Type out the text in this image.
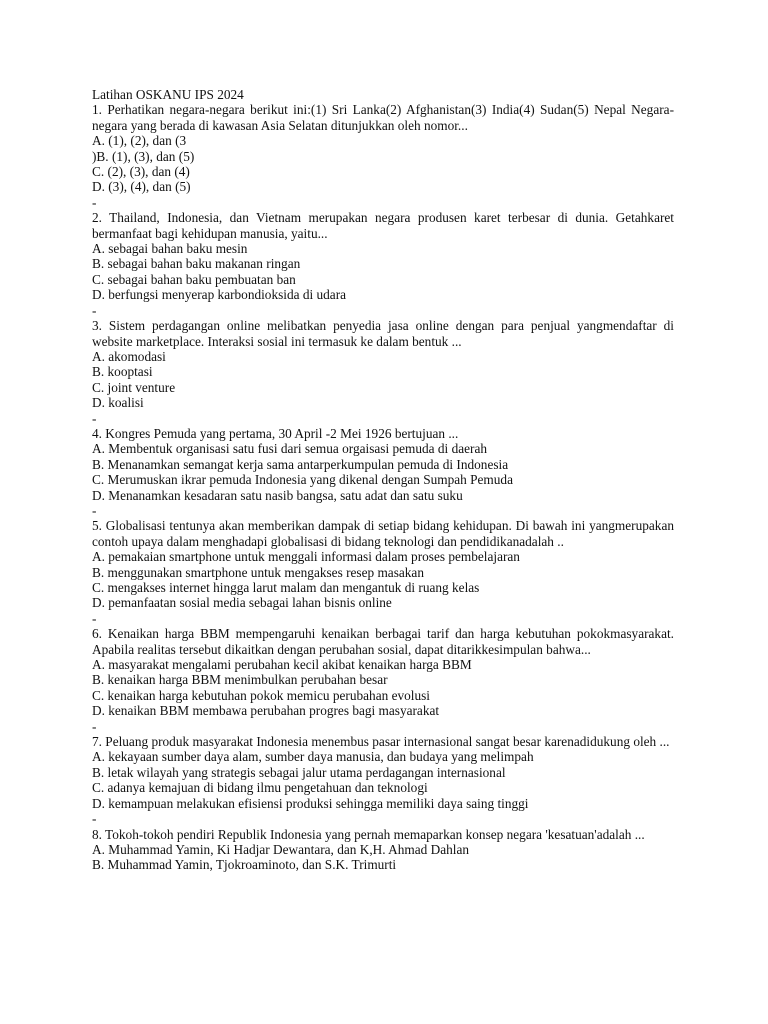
Latihan OSKANU IPS 2024
1. Perhatikan negara-negara berikut ini:(1) Sri Lanka(2) Afghanistan(3) India(4) Sudan(5) Nepal Negara-negara yang berada di kawasan Asia Selatan ditunjukkan oleh nomor...
A. (1), (2), dan (3
)B. (1), (3), dan (5)
C. (2), (3), dan (4)
D. (3), (4), dan (5)
-
2. Thailand, Indonesia, dan Vietnam merupakan negara produsen karet terbesar di dunia. Getahkaret bermanfaat bagi kehidupan manusia, yaitu...
A. sebagai bahan baku mesin
B. sebagai bahan baku makanan ringan
C. sebagai bahan baku pembuatan ban
D. berfungsi menyerap karbondioksida di udara
-
3. Sistem perdagangan online melibatkan penyedia jasa online dengan para penjual yangmendaftar di website marketplace. Interaksi sosial ini termasuk ke dalam bentuk ...
A. akomodasi
B. kooptasi
C. joint venture
D. koalisi
-
4. Kongres Pemuda yang pertama, 30 April -2 Mei 1926 bertujuan ...
A. Membentuk organisasi satu fusi dari semua orgaisasi pemuda di daerah
B. Menanamkan semangat kerja sama antarperkumpulan pemuda di Indonesia
C. Merumuskan ikrar pemuda Indonesia yang dikenal dengan Sumpah Pemuda
D. Menanamkan kesadaran satu nasib bangsa, satu adat dan satu suku
-
5. Globalisasi tentunya akan memberikan dampak di setiap bidang kehidupan. Di bawah ini yangmerupakan contoh upaya dalam menghadapi globalisasi di bidang teknologi dan pendidikanadalah ..
A. pemakaian smartphone untuk menggali informasi dalam proses pembelajaran
B. menggunakan smartphone untuk mengakses resep masakan
C. mengakses internet hingga larut malam dan mengantuk di ruang kelas
D. pemanfaatan sosial media sebagai lahan bisnis online
-
6. Kenaikan harga BBM mempengaruhi kenaikan berbagai tarif dan harga kebutuhan pokokmasyarakat. Apabila realitas tersebut dikaitkan dengan perubahan sosial, dapat ditarikkesimpulan bahwa...
A. masyarakat mengalami perubahan kecil akibat kenaikan harga BBM
B. kenaikan harga BBM menimbulkan perubahan besar
C. kenaikan harga kebutuhan pokok memicu perubahan evolusi
D. kenaikan BBM membawa perubahan progres bagi masyarakat
-
7. Peluang produk masyarakat Indonesia menembus pasar internasional sangat besar karenadidukung oleh ...
A. kekayaan sumber daya alam, sumber daya manusia, dan budaya yang melimpah
B. letak wilayah yang strategis sebagai jalur utama perdagangan internasional
C. adanya kemajuan di bidang ilmu pengetahuan dan teknologi
D. kemampuan melakukan efisiensi produksi sehingga memiliki daya saing tinggi
-
8. Tokoh-tokoh pendiri Republik Indonesia yang pernah memaparkan konsep negara 'kesatuan'adalah ...
A. Muhammad Yamin, Ki Hadjar Dewantara, dan K,H. Ahmad Dahlan
B. Muhammad Yamin, Tjokroaminoto, dan S.K. Trimurti
